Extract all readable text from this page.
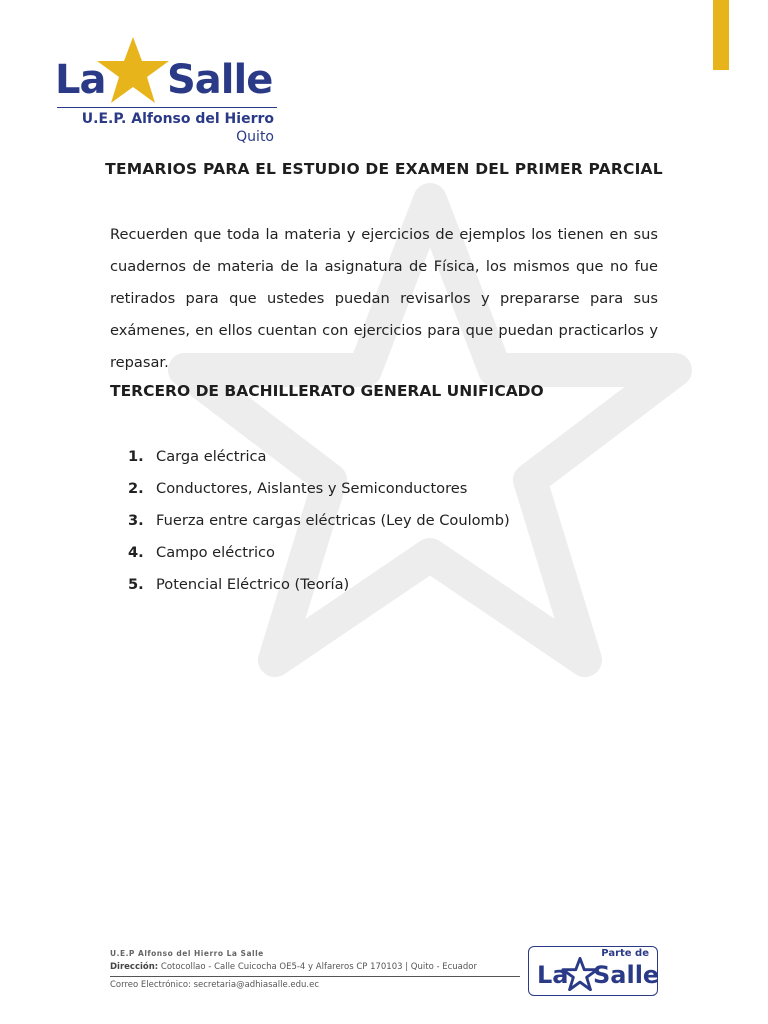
La Salle
U.E.P. Alfonso del Hierro
Quito
TEMARIOS PARA EL ESTUDIO DE EXAMEN DEL PRIMER PARCIAL

Recuerden que toda la materia y ejercicios de ejemplos los tienen en sus cuadernos de materia de la asignatura de Física, los mismos que no fue retirados para que ustedes puedan revisarlos y prepararse para sus exámenes, en ellos cuentan con ejercicios para que puedan practicarlos y repasar.

TERCERO DE BACHILLERATO GENERAL UNIFICADO
1. Carga eléctrica
2. Conductores, Aislantes y Semiconductores
3. Fuerza entre cargas eléctricas (Ley de Coulomb)
4. Campo eléctrico
5. Potencial Eléctrico (Teoría)
U.E.P Alfonso del Hierro La Salle
Dirección: Cotocollao - Calle Cuicocha OE5-4 y Alfareros CP 170103 | Quito - Ecuador
Correo Electrónico: secretaria@adhiasalle.edu.ec
Parte de
La Salle
